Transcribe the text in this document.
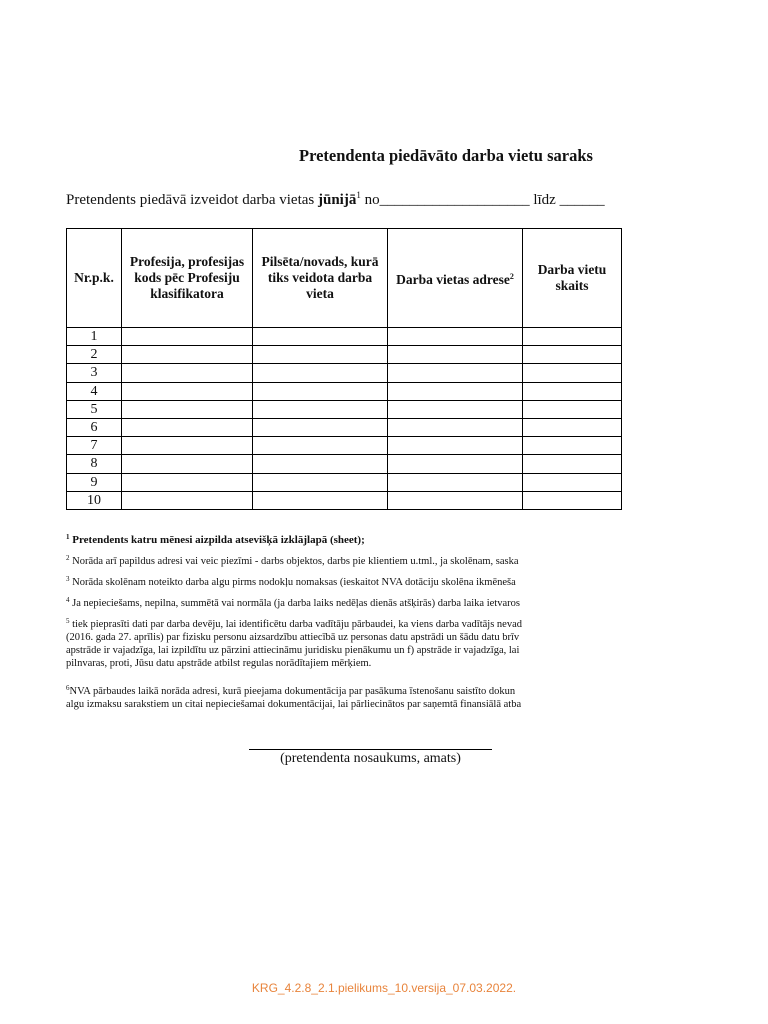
Pretendenta piedāvāto darba vietu saraks
Pretendents piedāvā izveidot darba vietas jūnijā$^1$ no____________________ līdz ______
Nr.p.k.	Profesija, profesijas kods pēc Profesiju klasifikatora	Pilsēta/novads, kurā tiks veidota darba vieta	Darba vietas adrese$^2$	Darba vietu skaits
1				
2				
3				
4				
5				
6				
7				
8				
9				
10				
$^1$ Pretendents katru mēnesi aizpilda atsevišķā izklājlapā (sheet);
$^2$ Norāda arī papildus adresi vai veic piezīmi - darbs objektos, darbs pie klientiem u.tml., ja skolēnam, saska
$^3$ Norāda skolēnam noteikto darba algu pirms nodokļu nomaksas (ieskaitot NVA dotāciju skolēna ikmēneša
$^4$ Ja nepieciešams, nepilna, summētā vai normāla (ja darba laiks nedēļas dienās atšķirās) darba laika ietvaros
$^5$ tiek pieprasīti dati par darba devēju, lai identificētu darba vadītāju pārbaudei, ka viens darba vadītājs nevad
(2016. gada 27. aprīlis) par fizisku personu aizsardzību attiecībā uz personas datu apstrādi un šādu datu brīv
apstrāde ir vajadzīga, lai izpildītu uz pārzini attiecināmu juridisku pienākumu un f) apstrāde ir vajadzīga, lai
pilnvaras, proti, Jūsu datu apstrāde atbilst regulas norādītajiem mērķiem.
$^6$NVA pārbaudes laikā norāda adresi, kurā pieejama dokumentācija par pasākuma īstenošanu saistīto dokun
algu izmaksu sarakstiem un citai nepieciešamai dokumentācijai, lai pārliecinātos par saņemtā finansiālā atba
(pretendenta nosaukums, amats)
KRG_4.2.8_2.1.pielikums_10.versija_07.03.2022.
